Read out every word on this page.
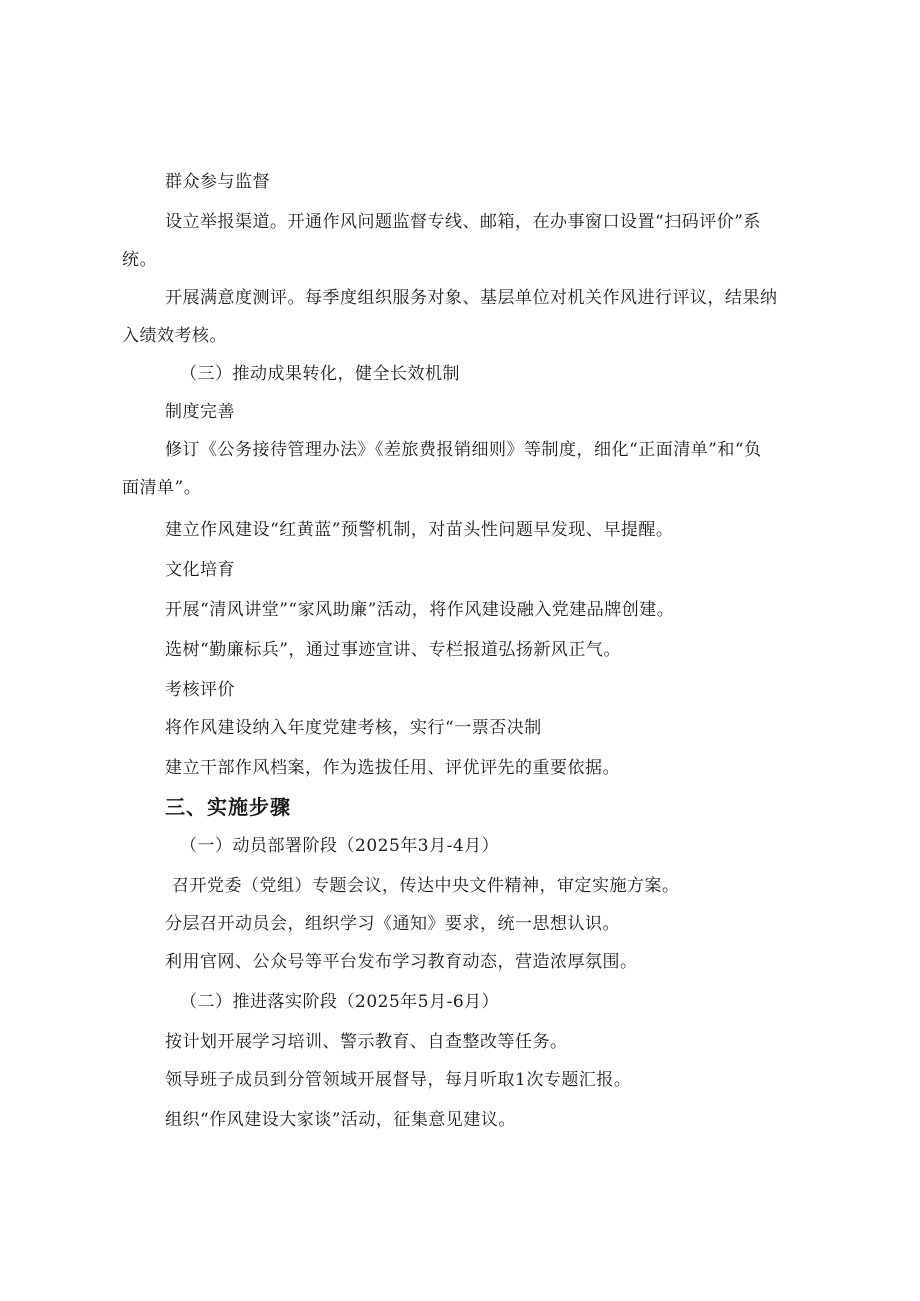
群众参与监督
设立举报渠道。开通作风问题监督专线、邮箱，在办事窗口设置“扫码评价”系
统。
开展满意度测评。每季度组织服务对象、基层单位对机关作风进行评议，结果纳
入绩效考核。
（三）推动成果转化，健全长效机制
制度完善
修订《公务接待管理办法》《差旅费报销细则》等制度，细化“正面清单”和“负
面清单”。
建立作风建设“红黄蓝”预警机制，对苗头性问题早发现、早提醒。
文化培育
开展“清风讲堂”“家风助廉”活动，将作风建设融入党建品牌创建。
选树“勤廉标兵”，通过事迹宣讲、专栏报道弘扬新风正气。
考核评价
将作风建设纳入年度党建考核，实行“一票否决制
建立干部作风档案，作为选拔任用、评优评先的重要依据。
三、实施步骤
（一）动员部署阶段（2025年3月-4月）
召开党委（党组）专题会议，传达中央文件精神，审定实施方案。
分层召开动员会，组织学习《通知》要求，统一思想认识。
利用官网、公众号等平台发布学习教育动态，营造浓厚氛围。
（二）推进落实阶段（2025年5月-6月）
按计划开展学习培训、警示教育、自查整改等任务。
领导班子成员到分管领域开展督导，每月听取1次专题汇报。
组织“作风建设大家谈”活动，征集意见建议。
